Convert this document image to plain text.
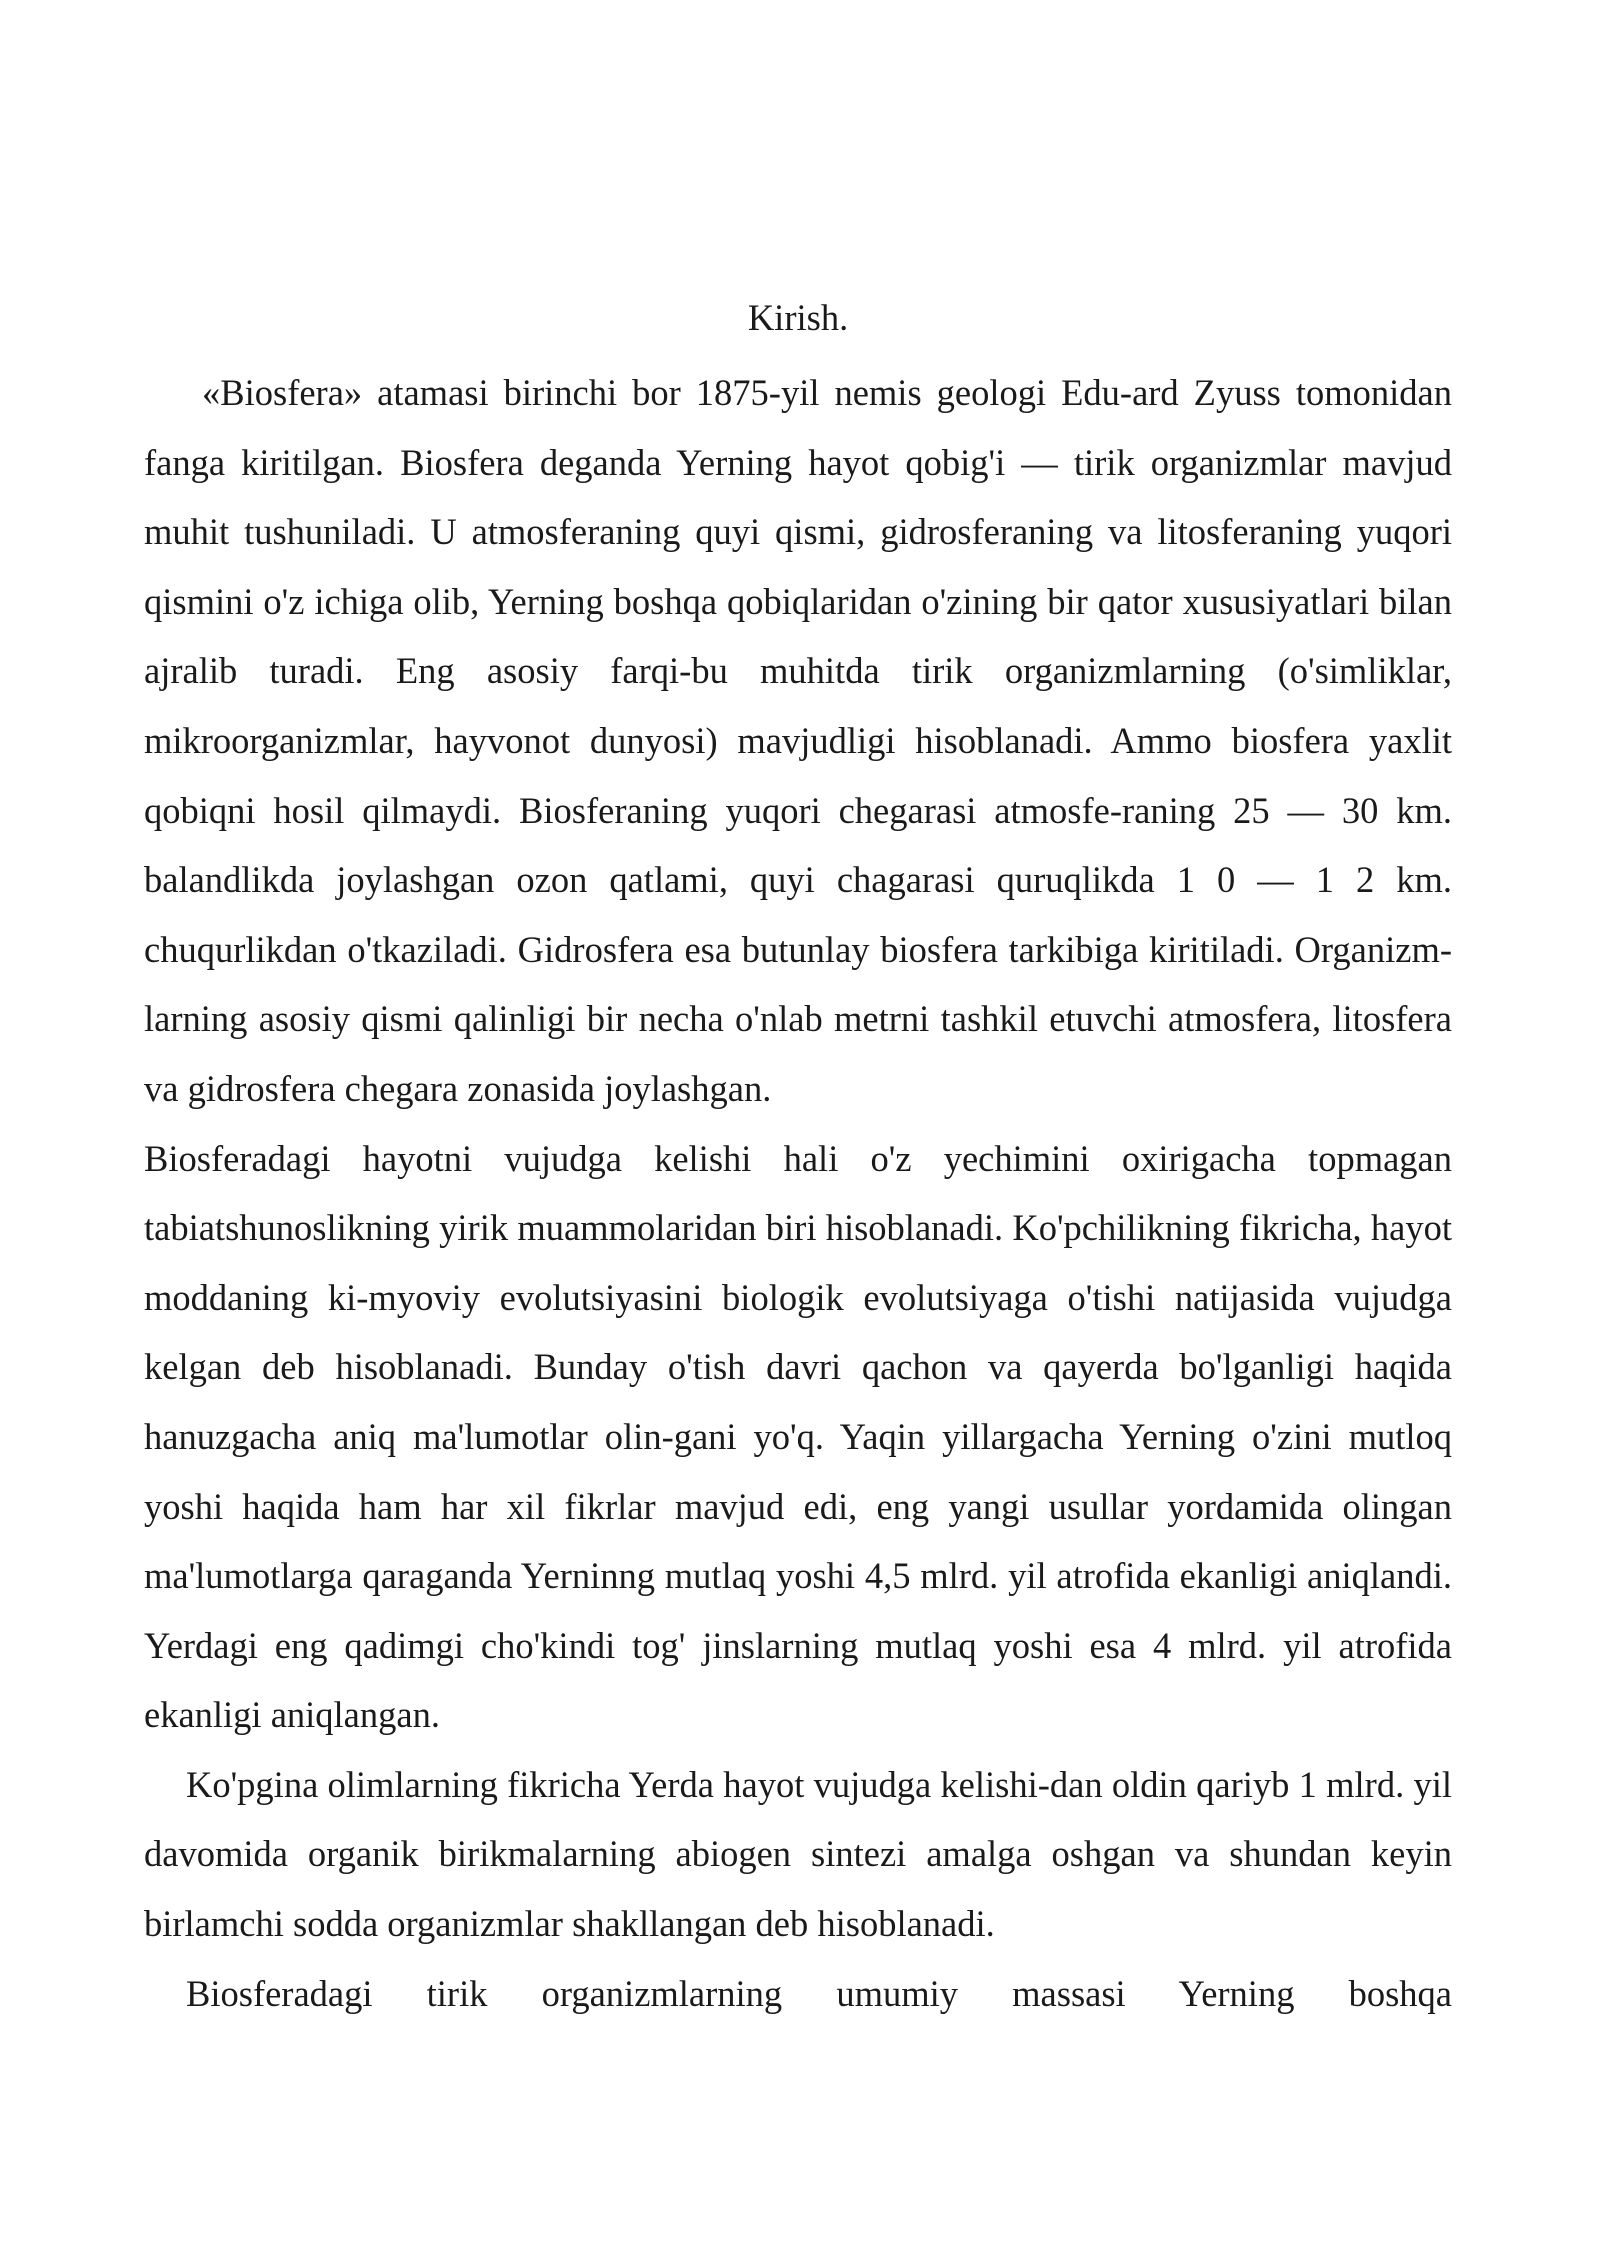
Kirish.

«Biosfera» atamasi birinchi bor 1875-yil nemis geologi Edu-ard Zyuss tomonidan fanga kiritilgan. Biosfera deganda Yerning hayot qobig'i — tirik organizmlar mavjud muhit tushuniladi. U atmosferaning quyi qismi, gidrosferaning va litosferaning yuqori qismini o'z ichiga olib, Yerning boshqa qobiqlaridan o'zining bir qator xususiyatlari bilan ajralib turadi. Eng asosiy farqi-bu muhitda tirik organizmlarning (o'simliklar, mikroorganizmlar, hayvonot dunyosi) mavjudligi hisoblanadi. Ammo biosfera yaxlit qobiqni hosil qilmaydi. Biosferaning yuqori chegarasi atmosfe-raning 25 — 30 km. balandlikda joylashgan ozon qatlami, quyi chagarasi quruqlikda 1 0 — 1 2 km. chuqurlikdan o'tkaziladi. Gidrosfera esa butunlay biosfera tarkibiga kiritiladi. Organizm-larning asosiy qismi qalinligi bir necha o'nlab metrni tashkil etuvchi atmosfera, litosfera va gidrosfera chegara zonasida joylashgan.

Biosferadagi hayotni vujudga kelishi hali o'z yechimini oxirigacha topmagan tabiatshunoslikning yirik muammolaridan biri hisoblanadi. Ko'pchilikning fikricha, hayot moddaning ki-myoviy evolutsiyasini biologik evolutsiyaga o'tishi natijasida vujudga kelgan deb hisoblanadi. Bunday o'tish davri qachon va qayerda bo'lganligi haqida hanuzgacha aniq ma'lumotlar olin-gani yo'q. Yaqin yillargacha Yerning o'zini mutloq yoshi haqida ham har xil fikrlar mavjud edi, eng yangi usullar yordamida olingan ma'lumotlarga qaraganda Yerninng mutlaq yoshi 4,5 mlrd. yil atrofida ekanligi aniqlandi. Yerdagi eng qadimgi cho'kindi tog' jinslarning mutlaq yoshi esa 4 mlrd. yil atrofida ekanligi aniqlangan.

Ko'pgina olimlarning fikricha Yerda hayot vujudga kelishi-dan oldin qariyb 1 mlrd. yil davomida organik birikmalarning abiogen sintezi amalga oshgan va shundan keyin birlamchi sodda organizmlar shakllangan deb hisoblanadi.

Biosferadagi tirik organizmlarning umumiy massasi Yerning boshqa
